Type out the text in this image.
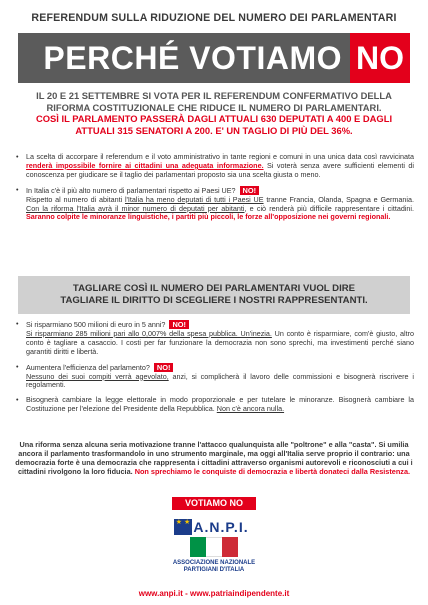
REFERENDUM SULLA RIDUZIONE DEL NUMERO DEI PARLAMENTARI
PERCHÉ VOTIAMO NO
IL 20 E 21 SETTEMBRE SI VOTA PER IL REFERENDUM CONFERMATIVO DELLA
RIFORMA COSTITUZIONALE CHE RIDUCE IL NUMERO DI PARLAMENTARI.
COSÌ IL PARLAMENTO PASSERÀ DAGLI ATTUALI 630 DEPUTATI A 400 E DAGLI
ATTUALI 315 SENATORI A 200. E' UN TAGLIO DI PIÙ DEL 36%.
• La scelta di accorpare il referendum e il voto amministrativo in tante regioni e comuni in una unica data così ravvicinata renderà impossibile fornire ai cittadini una adeguata informazione. Si voterà senza avere sufficienti elementi di conoscenza per giudicare se il taglio dei parlamentari proposto sia una scelta giusta o meno.
• In Italia c'è il più alto numero di parlamentari rispetto ai Paesi UE? NO!
Rispetto al numero di abitanti l'Italia ha meno deputati di tutti i Paesi UE tranne Francia, Olanda, Spagna e Germania. Con la riforma l'Italia avrà il minor numero di deputati per abitanti, e ciò renderà più difficile rappresentare i cittadini. Saranno colpite le minoranze linguistiche, i partiti più piccoli, le forze all'opposizione nei governi regionali.
TAGLIARE COSÌ IL NUMERO DEI PARLAMENTARI VUOL DIRE
TAGLIARE IL DIRITTO DI SCEGLIERE I NOSTRI RAPPRESENTANTI.
• Si risparmiano 500 milioni di euro in 5 anni? NO!
Si risparmiano 285 milioni pari allo 0,007% della spesa pubblica. Un'inezia. Un conto è risparmiare, com'è giusto, altro conto è tagliare a casaccio. I costi per far funzionare la democrazia non sono sprechi, ma investimenti perché siano garantiti diritti e libertà.
• Aumentera l'efficienza del parlamento? NO!
Nessuno dei suoi compiti verrà agevolato, anzi, si complicherà il lavoro delle commissioni e bisognerà riscrivere i regolamenti.
• Bisognerà cambiare la legge elettorale in modo proporzionale e per tutelare le minoranze. Bisognerà cambiare la Costituzione per l'elezione del Presidente della Repubblica. Non c'è ancora nulla.
Una riforma senza alcuna seria motivazione tranne l'attacco qualunquista alle "poltrone" e alla "casta". Si umilia ancora il parlamento trasformandolo in uno strumento marginale, ma oggi all'Italia serve proprio il contrario: una democrazia forte è una democrazia che rappresenta i cittadini attraverso organismi autorevoli e riconosciuti a cui i cittadini rivolgono la loro fiducia. Non sprechiamo le conquiste di democrazia e libertà donateci dalla Resistenza.
VOTIAMO NO
★ ★ A.N.P.I.
ASSOCIAZIONE NAZIONALE
PARTIGIANI D'ITALIA
www.anpi.it - www.patriaindipendente.it
